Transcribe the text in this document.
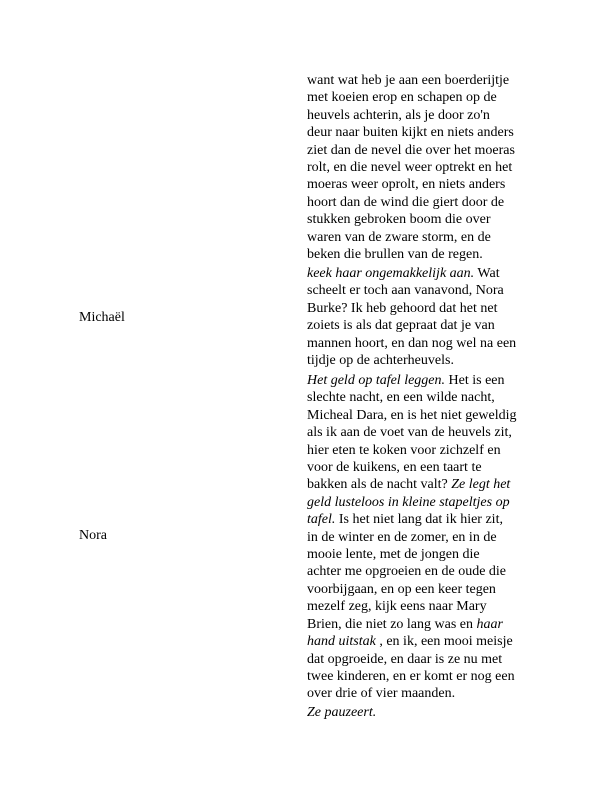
want wat heb je aan een boerderijtje
met koeien erop en schapen op de
heuvels achterin, als je door zo'n
deur naar buiten kijkt en niets anders
ziet dan de nevel die over het moeras
rolt, en die nevel weer optrekt en het
moeras weer oprolt, en niets anders
hoort dan de wind die giert door de
stukken gebroken boom die over
waren van de zware storm, en de
beken die brullen van de regen.
Michaël
keek haar ongemakkelijk aan. Wat
scheelt er toch aan vanavond, Nora
Burke? Ik heb gehoord dat het net
zoiets is als dat gepraat dat je van
mannen hoort, en dan nog wel na een
tijdje op de achterheuvels.
Nora
Het geld op tafel leggen. Het is een
slechte nacht, en een wilde nacht,
Micheal Dara, en is het niet geweldig
als ik aan de voet van de heuvels zit,
hier eten te koken voor zichzelf en
voor de kuikens, en een taart te
bakken als de nacht valt? Ze legt het
geld lusteloos in kleine stapeltjes op
tafel. Is het niet lang dat ik hier zit,
in de winter en de zomer, en in de
mooie lente, met de jongen die
achter me opgroeien en de oude die
voorbijgaan, en op een keer tegen
mezelf zeg, kijk eens naar Mary
Brien, die niet zo lang was en haar
hand uitstak , en ik, een mooi meisje
dat opgroeide, en daar is ze nu met
twee kinderen, en er komt er nog een
over drie of vier maanden.
Ze pauzeert.
